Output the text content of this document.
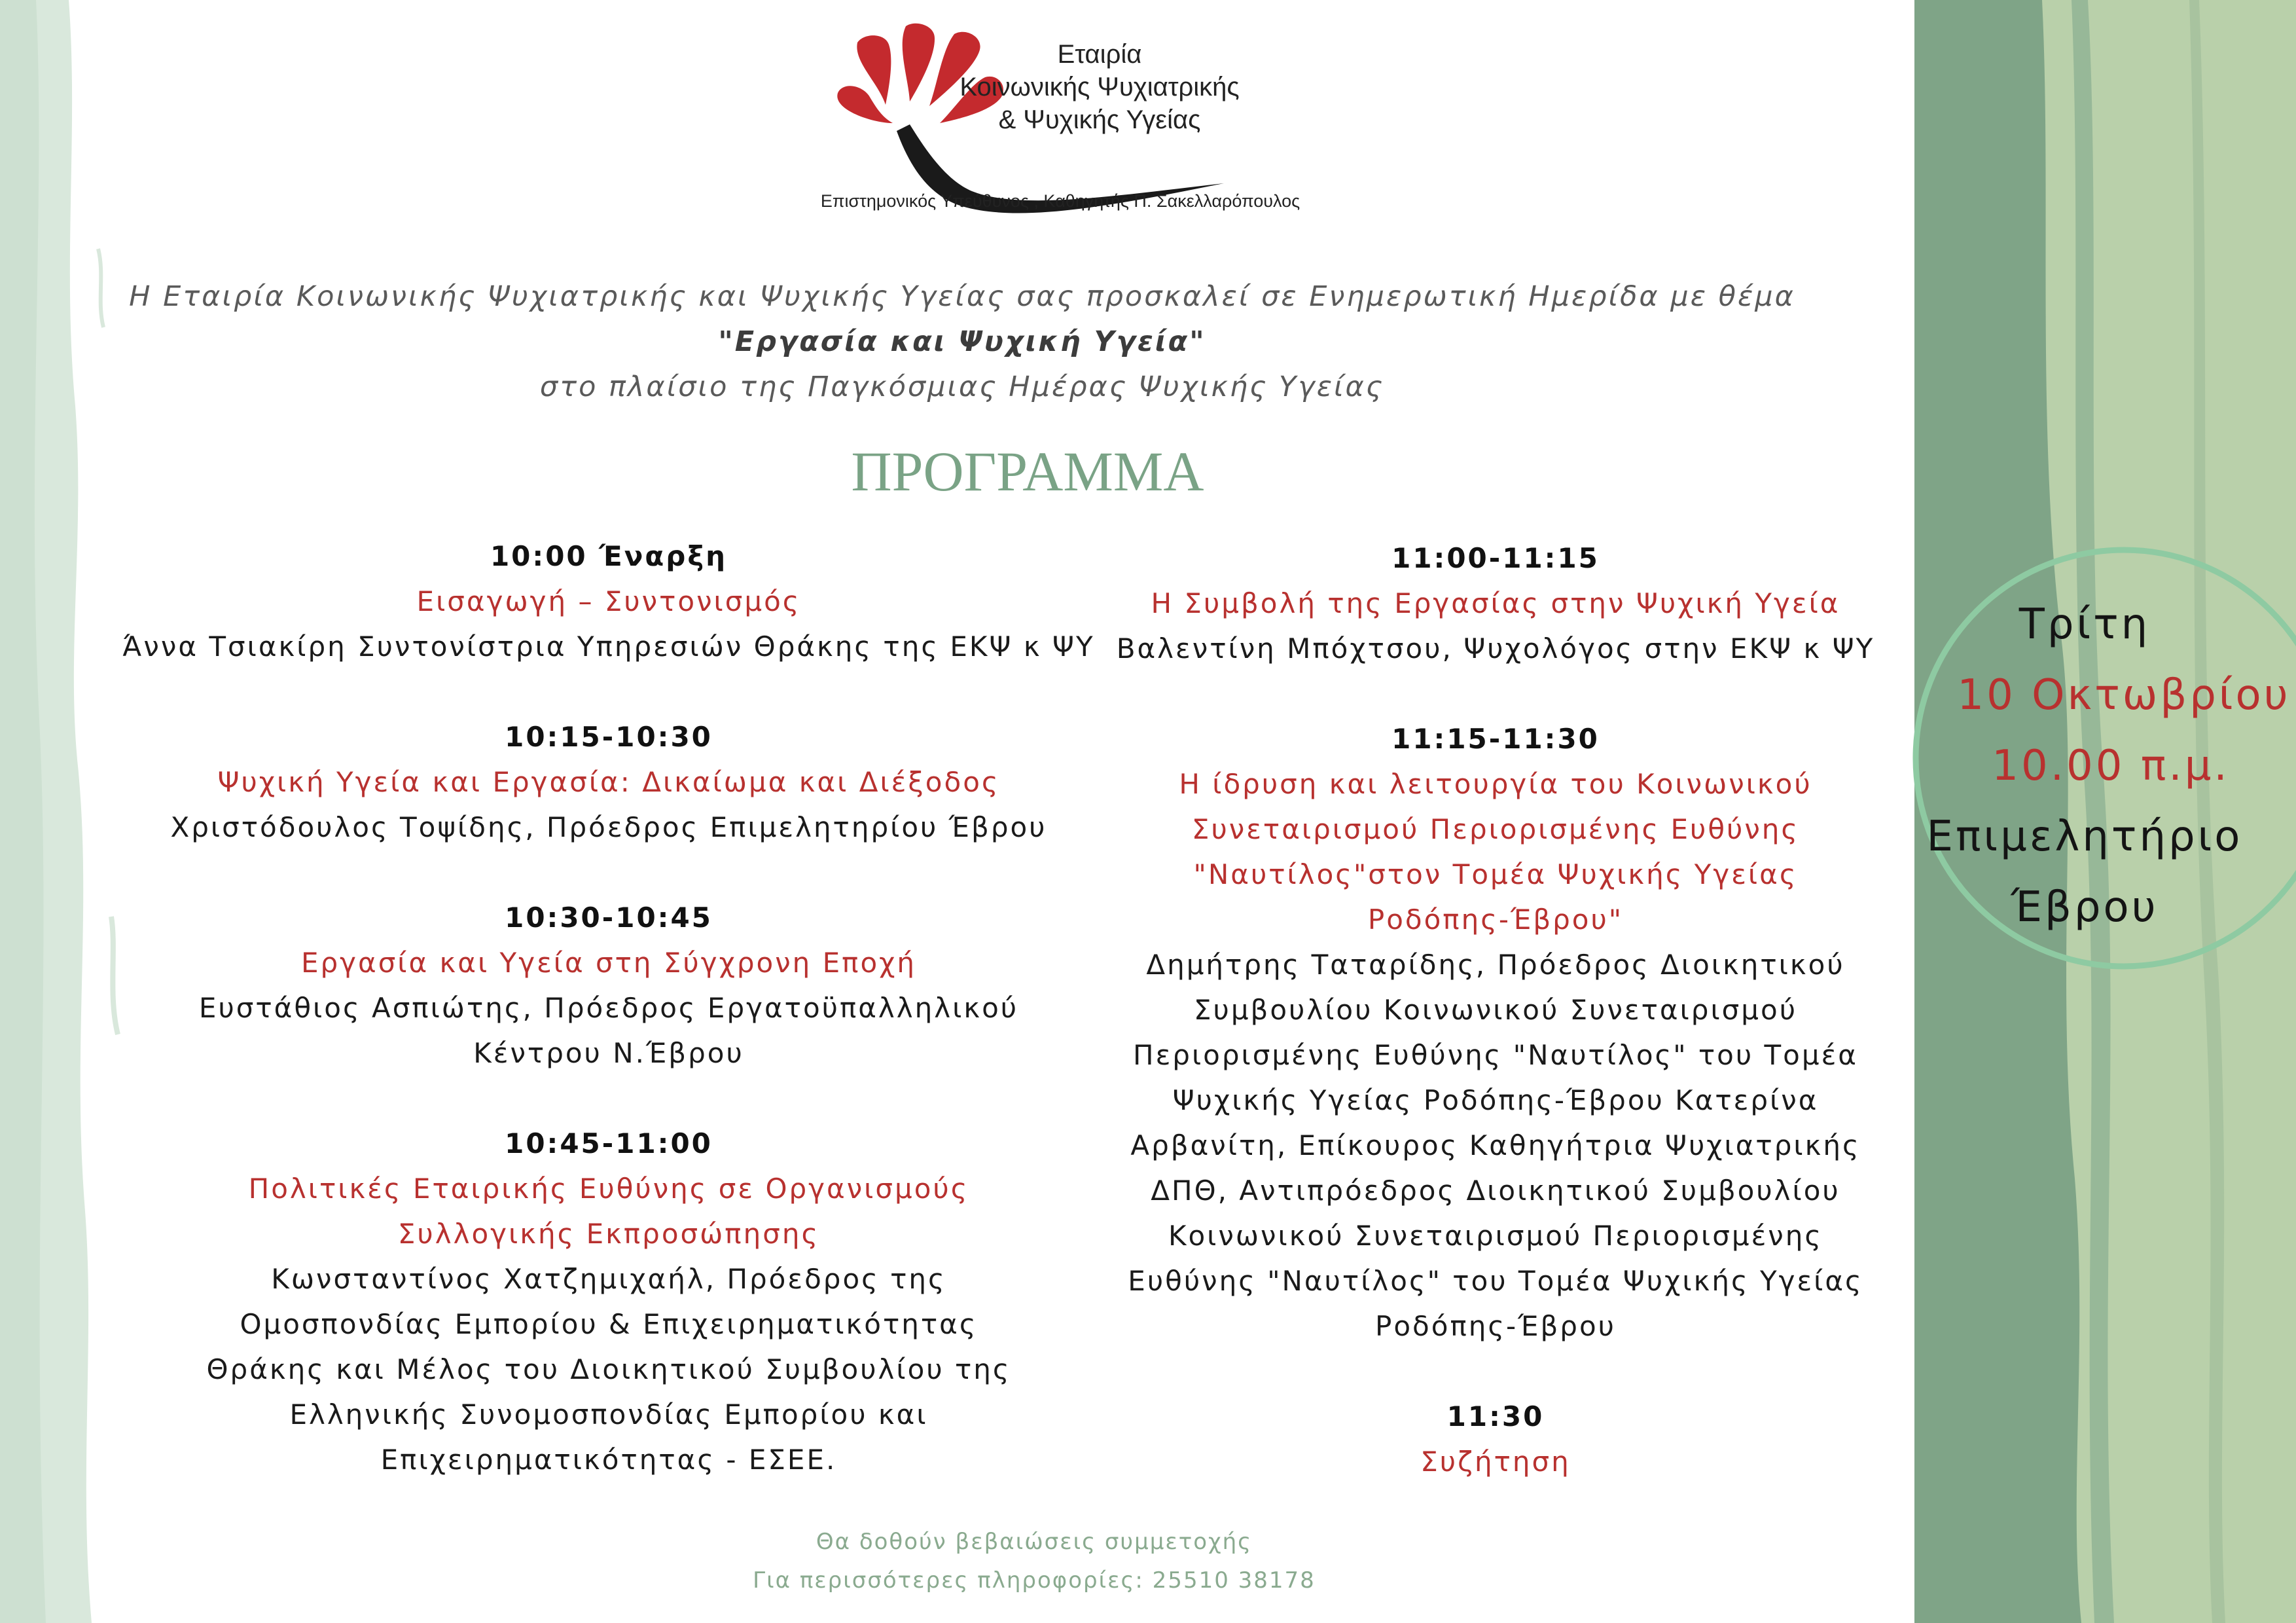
Εταιρία
Κοινωνικής Ψυχιατρικής
& Ψυχικής Υγείας
Επιστημονικός Υπεύθυνος , Καθηγητής Π. Σακελλαρόπουλος
Η Εταιρία Κοινωνικής Ψυχιατρικής και Ψυχικής Υγείας σας προσκαλεί σε Ενημερωτική Ημερίδα με θέμα
"Εργασία και Ψυχική Υγεία"
στο πλαίσιο της Παγκόσμιας Ημέρας Ψυχικής Υγείας
ΠΡΟΓΡΑΜΜΑ
10:00 Έναρξη
Εισαγωγή – Συντονισμός
Άννα Τσιακίρη Συντονίστρια Υπηρεσιών Θράκης της ΕΚΨ κ ΨΥ
10:15-10:30
Ψυχική Υγεία και Εργασία: Δικαίωμα και Διέξοδος
Χριστόδουλος Τοψίδης, Πρόεδρος Επιμελητηρίου Έβρου
10:30-10:45
Εργασία και Υγεία στη Σύγχρονη Εποχή
Ευστάθιος Ασπιώτης, Πρόεδρος Εργατοϋπαλληλικού Κέντρου Ν.Έβρου
10:45-11:00
Πολιτικές Εταιρικής Ευθύνης σε Οργανισμούς Συλλογικής Εκπροσώπησης
Κωνσταντίνος Χατζημιχαήλ, Πρόεδρος της Ομοσπονδίας Εμπορίου & Επιχειρηματικότητας Θράκης και Μέλος του Διοικητικού Συμβουλίου της Ελληνικής Συνομοσπονδίας Εμπορίου και Επιχειρηματικότητας - ΕΣΕΕ.
11:00-11:15
Η Συμβολή της Εργασίας στην Ψυχική Υγεία
Βαλεντίνη Μπόχτσου, Ψυχολόγος στην ΕΚΨ κ ΨΥ
11:15-11:30
Η ίδρυση και λειτουργία του Κοινωνικού Συνεταιρισμού Περιορισμένης Ευθύνης "Ναυτίλος"στον Τομέα Ψυχικής Υγείας Ροδόπης-Έβρου"
Δημήτρης Ταταρίδης, Πρόεδρος Διοικητικού Συμβουλίου Κοινωνικού Συνεταιρισμού Περιορισμένης Ευθύνης "Ναυτίλος" του Τομέα Ψυχικής Υγείας Ροδόπης-Έβρου Κατερίνα Αρβανίτη, Επίκουρος Καθηγήτρια Ψυχιατρικής ΔΠΘ, Αντιπρόεδρος Διοικητικού Συμβουλίου Κοινωνικού Συνεταιρισμού Περιορισμένης Ευθύνης "Ναυτίλος" του Τομέα Ψυχικής Υγείας Ροδόπης-Έβρου
11:30
Συζήτηση
Τρίτη
10 Οκτωβρίου
10.00 π.μ.
Επιμελητήριο
Έβρου
Θα δοθούν βεβαιώσεις συμμετοχής
Για περισσότερες πληροφορίες: 25510 38178
